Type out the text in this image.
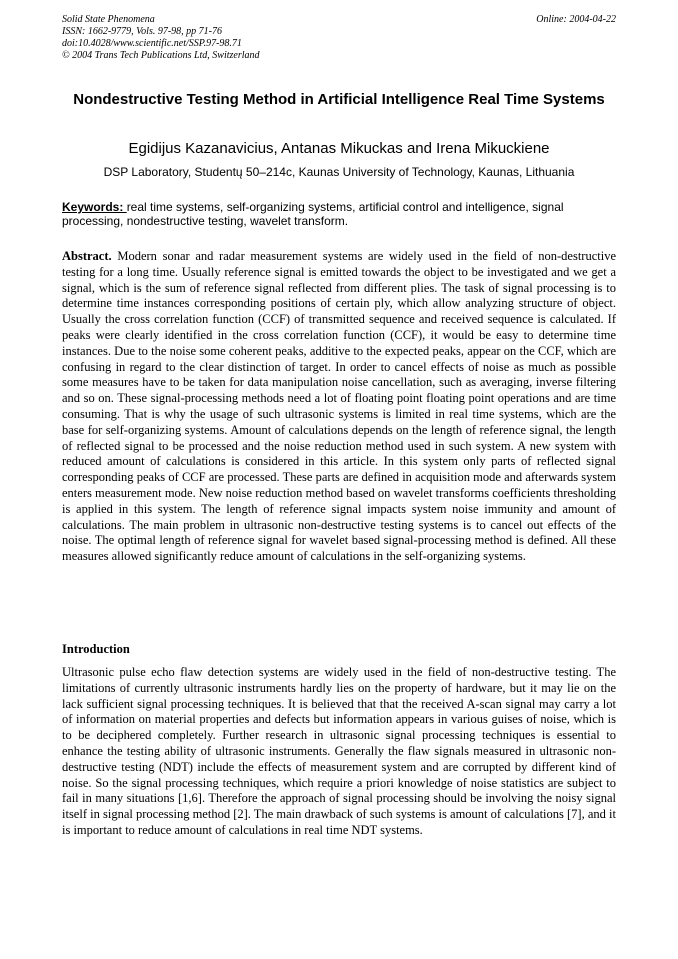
Solid State Phenomena
ISSN: 1662-9779, Vols. 97-98, pp 71-76
doi:10.4028/www.scientific.net/SSP.97-98.71
© 2004 Trans Tech Publications Ltd, Switzerland
Online: 2004-04-22
Nondestructive Testing Method in Artificial Intelligence Real Time Systems
Egidijus Kazanavicius, Antanas Mikuckas and Irena Mikuckiene
DSP Laboratory, Studentų 50–214c, Kaunas University of Technology, Kaunas, Lithuania
Keywords: real time systems, self-organizing systems, artificial control and intelligence, signal processing, nondestructive testing, wavelet transform.
Abstract. Modern sonar and radar measurement systems are widely used in the field of non-destructive testing for a long time. Usually reference signal is emitted towards the object to be investigated and we get a signal, which is the sum of reference signal reflected from different plies. The task of signal processing is to determine time instances corresponding positions of certain ply, which allow analyzing structure of object. Usually the cross correlation function (CCF) of transmitted sequence and received sequence is calculated. If peaks were clearly identified in the cross correlation function (CCF), it would be easy to determine time instances. Due to the noise some coherent peaks, additive to the expected peaks, appear on the CCF, which are confusing in regard to the clear distinction of target. In order to cancel effects of noise as much as possible some measures have to be taken for data manipulation noise cancellation, such as averaging, inverse filtering and so on. These signal-processing methods need a lot of floating point floating point operations and are time consuming. That is why the usage of such ultrasonic systems is limited in real time systems, which are the base for self-organizing systems. Amount of calculations depends on the length of reference signal, the length of reflected signal to be processed and the noise reduction method used in such system. A new system with reduced amount of calculations is considered in this article. In this system only parts of reflected signal corresponding peaks of CCF are processed. These parts are defined in acquisition mode and afterwards system enters measurement mode. New noise reduction method based on wavelet transforms coefficients thresholding is applied in this system. The length of reference signal impacts system noise immunity and amount of calculations. The main problem in ultrasonic non-destructive testing systems is to cancel out effects of the noise. The optimal length of reference signal for wavelet based signal-processing method is defined. All these measures allowed significantly reduce amount of calculations in the self-organizing systems.
Introduction
Ultrasonic pulse echo flaw detection systems are widely used in the field of non-destructive testing. The limitations of currently ultrasonic instruments hardly lies on the property of hardware, but it may lie on the lack sufficient signal processing techniques. It is believed that that the received A-scan signal may carry a lot of information on material properties and defects but information appears in various guises of noise, which is to be deciphered completely. Further research in ultrasonic signal processing techniques is essential to enhance the testing ability of ultrasonic instruments. Generally the flaw signals measured in ultrasonic non-destructive testing (NDT) include the effects of measurement system and are corrupted by different kind of noise. So the signal processing techniques, which require a priori knowledge of noise statistics are subject to fail in many situations [1,6]. Therefore the approach of signal processing should be involving the noisy signal itself in signal processing method [2]. The main drawback of such systems is amount of calculations [7], and it is important to reduce amount of calculations in real time NDT systems.
